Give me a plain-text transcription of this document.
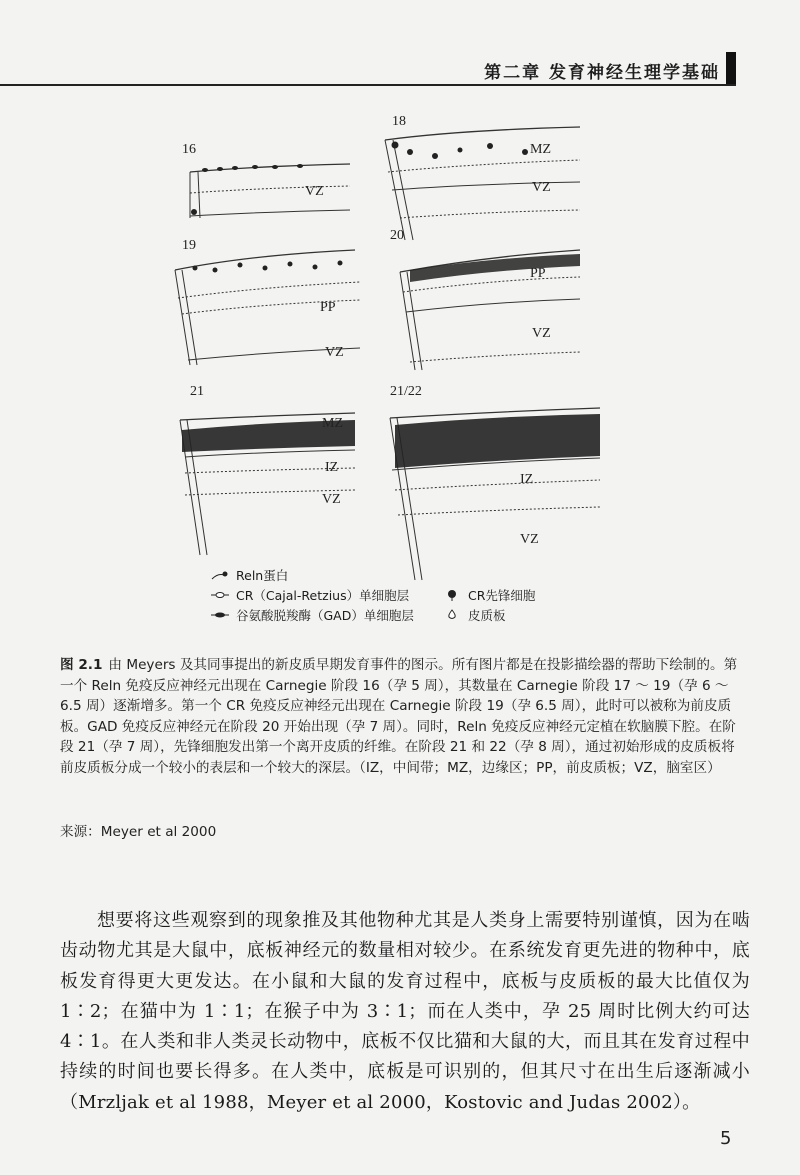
第二章 发育神经生理学基础
16
VZ
18
MZ
VZ
19
PP
VZ
20
PP
VZ
21
MZ
IZ
VZ
21/22
IZ
VZ
Reln蛋白
CR（Cajal-Retzius）单细胞层	CR先锋细胞
谷氨酸脱羧酶（GAD）单细胞层	皮质板
图 2.1 由 Meyers 及其同事提出的新皮质早期发育事件的图示。所有图片都是在投影描绘器的帮助下绘制的。第一个 Reln 免疫反应神经元出现在 Carnegie 阶段 16（孕 5 周），其数量在 Carnegie 阶段 17 ～ 19（孕 6 ～ 6.5 周）逐渐增多。第一个 CR 免疫反应神经元出现在 Carnegie 阶段 19（孕 6.5 周），此时可以被称为前皮质板。GAD 免疫反应神经元在阶段 20 开始出现（孕 7 周）。同时，Reln 免疫反应神经元定植在软脑膜下腔。在阶段 21（孕 7 周），先锋细胞发出第一个离开皮质的纤维。在阶段 21 和 22（孕 8 周），通过初始形成的皮质板将前皮质板分成一个较小的表层和一个较大的深层。（IZ，中间带；MZ，边缘区；PP，前皮质板；VZ，脑室区）
来源：Meyer et al 2000
想要将这些观察到的现象推及其他物种尤其是人类身上需要特别谨慎，因为在啮齿动物尤其是大鼠中，底板神经元的数量相对较少。在系统发育更先进的物种中，底板发育得更大更发达。在小鼠和大鼠的发育过程中，底板与皮质板的最大比值仅为 1∶2；在猫中为 1∶1；在猴子中为 3∶1；而在人类中，孕 25 周时比例大约可达 4∶1。在人类和非人类灵长动物中，底板不仅比猫和大鼠的大，而且其在发育过程中持续的时间也要长得多。在人类中，底板是可识别的，但其尺寸在出生后逐渐减小（Mrzljak et al 1988，Meyer et al 2000，Kostovic and Judas 2002）。
5
